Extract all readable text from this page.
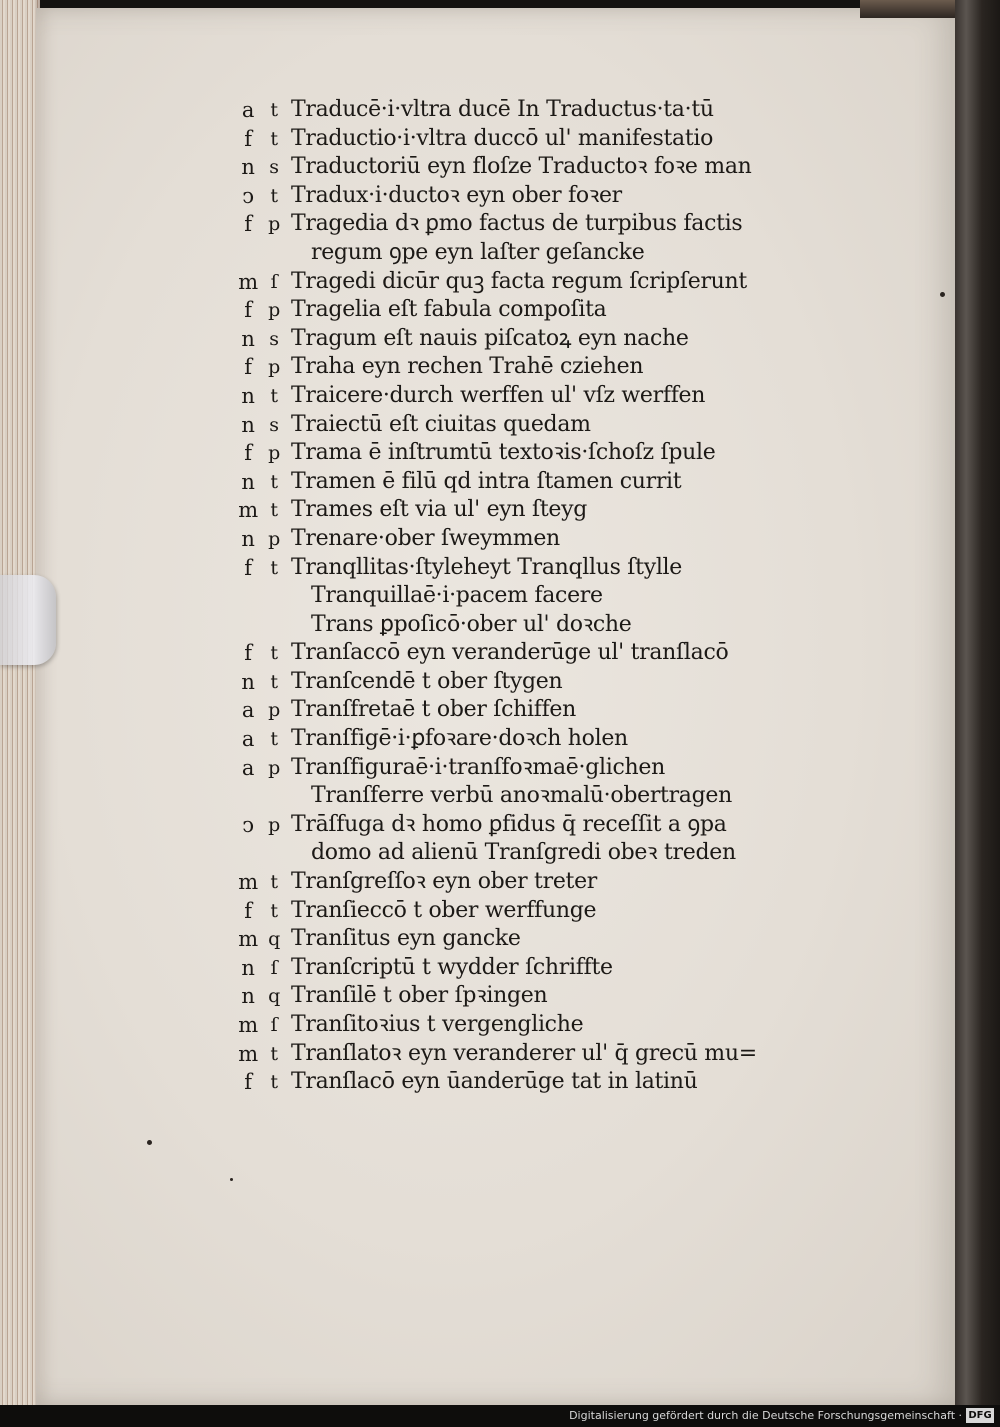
a t Traducē·i·vltra ducē In Traductus·ta·tū
f t Traductio·i·vltra duccō ul' manifestatio
n s Traductoriū eyn floſze Traductoꝛ foꝛe man
ↄ t Tradux·i·ductoꝛ eyn ober foꝛer
f p Tragedia dꝛ ꝑmo factus de turpibus factis
regum ꝯpe eyn laſter geſancke
m ſ Tragedi dicūr quꝫ facta regum ſcripſerunt
f p Tragelia eſt fabula compoſita
n s Tragum eſt nauis piſcatoꝝ eyn nache
f p Traha eyn rechen Trahē cziehen
n t Traicere·durch werffen ul' vſz werffen
n s Traiectū eſt ciuitas quedam
f p Trama ē inſtrumtū textoꝛis·ſchoſz ſpule
n t Tramen ē filū qd intra ſtamen currit
m t Trames eſt via ul' eyn ſteyg
n p Trenare·ober ſweymmen
f t Tranqllitas·ſtyleheyt Tranqllus ſtylle
Tranquillaē·i·pacem facere
Trans ꝑpoſicō·ober ul' doꝛche
f t Tranſaccō eyn veranderūge ul' tranſlacō
n t Tranſcendē t ober ſtygen
a p Tranſfretaē t ober ſchiffen
a t Tranſfigē·i·ꝑfoꝛare·doꝛch holen
a p Tranſfiguraē·i·tranſfoꝛmaē·glichen
Tranſferre verbū anoꝛmalū·obertragen
ↄ p Trāſfuga dꝛ homo ꝑfidus q̄ receſſit a ꝯpa
domo ad alienū Tranſgredi obeꝛ treden
m t Tranſgreſſoꝛ eyn ober treter
f t Tranſieccō t ober werffunge
m q Tranſitus eyn gancke
n ſ Tranſcriptū t wydder ſchriffte
n q Tranſilē t ober ſpꝛingen
m ſ Tranſitoꝛius t vergengliche
m t Tranſlatoꝛ eyn veranderer ul' q̄ grecū mu=
f t Tranſlacō eyn ūanderūge tat in latinū
Digitalisierung gefördert durch die Deutsche Forschungsgemeinschaft · DFG
